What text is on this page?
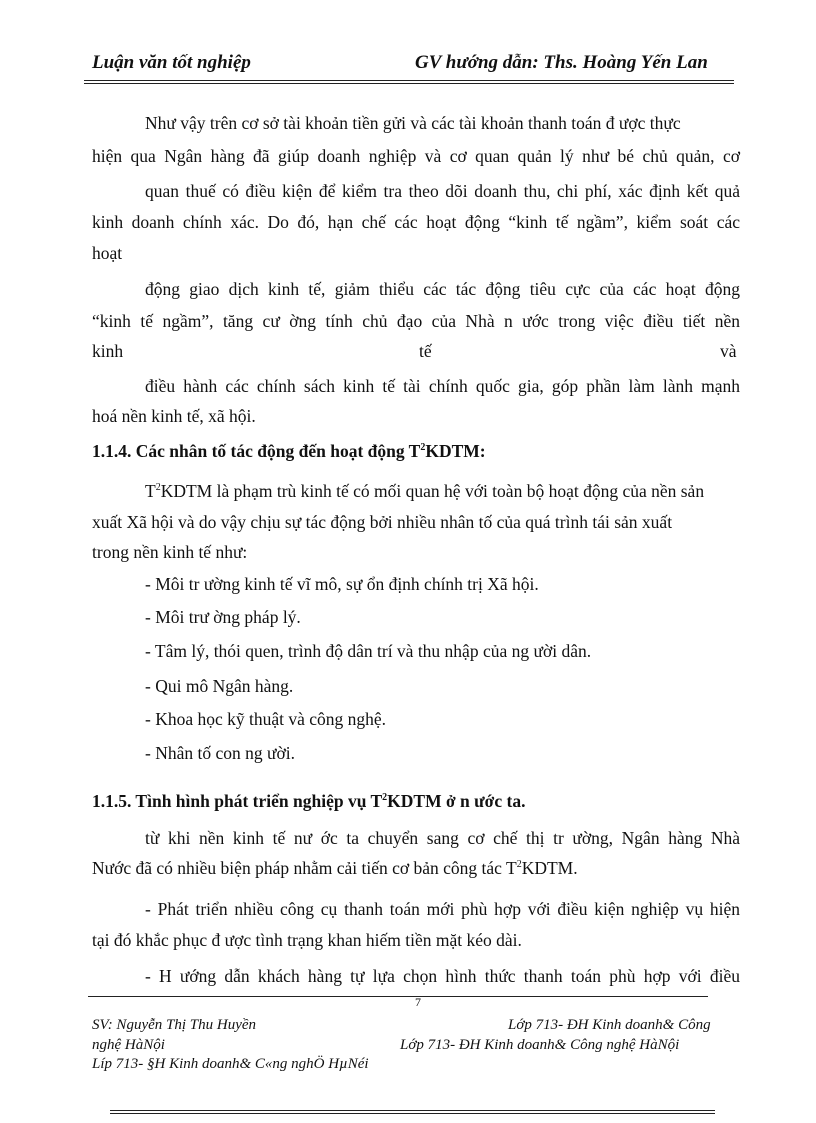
Luận văn tốt nghiệp	GV hướng dẫn: Ths. Hoàng Yến Lan
Như vậy trên cơ sở tài khoản tiền gửi và các tài khoản thanh toán đ ược thực
hiện qua Ngân hàng đã giúp doanh nghiệp và cơ quan quản lý như bé chủ quản, cơ
quan thuế có điều kiện để kiểm tra theo dõi doanh thu, chi phí, xác định kết quả
kinh doanh chính xác. Do đó, hạn chế các hoạt động “kinh tế ngầm”, kiểm soát các
hoạt
động giao dịch kinh tế, giảm thiểu các tác động tiêu cực của các hoạt động
“kinh tế ngầm”, tăng cư ờng tính chủ đạo của Nhà n ước trong việc điều tiết nền
kinh	tế	và
điều hành các chính sách kinh tế tài chính quốc gia, góp phần làm lành mạnh
hoá nền kinh tế, xã hội.
1.1.4. Các nhân tố tác động đến hoạt động $T^2KDTM$:
$T^2KDTM$ là phạm trù kinh tế có mối quan hệ với toàn bộ hoạt động của nền sản
xuất Xã hội và do vậy chịu sự tác động bởi nhiều nhân tố của quá trình tái sản xuất
trong nền kinh tế như:
- Môi tr ường kinh tế vĩ mô, sự ổn định chính trị Xã hội.
- Môi trư ờng pháp lý.
- Tâm lý, thói quen, trình độ dân trí và thu nhập của ng ười dân.
- Qui mô Ngân hàng.
- Khoa học kỹ thuật và công nghệ.
- Nhân tố con ng ười.
1.1.5. Tình hình phát triển nghiệp vụ $T^2KDTM$ ở n ước ta.
từ khi nền kinh tế nư ớc ta chuyển sang cơ chế thị tr ường, Ngân hàng Nhà
Nước đã có nhiều biện pháp nhằm cải tiến cơ bản công tác $T^2KDTM$.
- Phát triển nhiều công cụ thanh toán mới phù hợp với điều kiện nghiệp vụ hiện
tại đó khắc phục đ ược tình trạng khan hiếm tiền mặt kéo dài.
- H ướng dẫn khách hàng tự lựa chọn hình thức thanh toán phù hợp với điều
7
SV: Nguyễn Thị Thu Huyền	Lớp 713- ĐH Kinh doanh& Công
nghệ HàNội	Lớp 713- ĐH Kinh doanh& Công nghệ HàNội
Líp 713- §H Kinh doanh& C«ng nghÖ HµNéi
